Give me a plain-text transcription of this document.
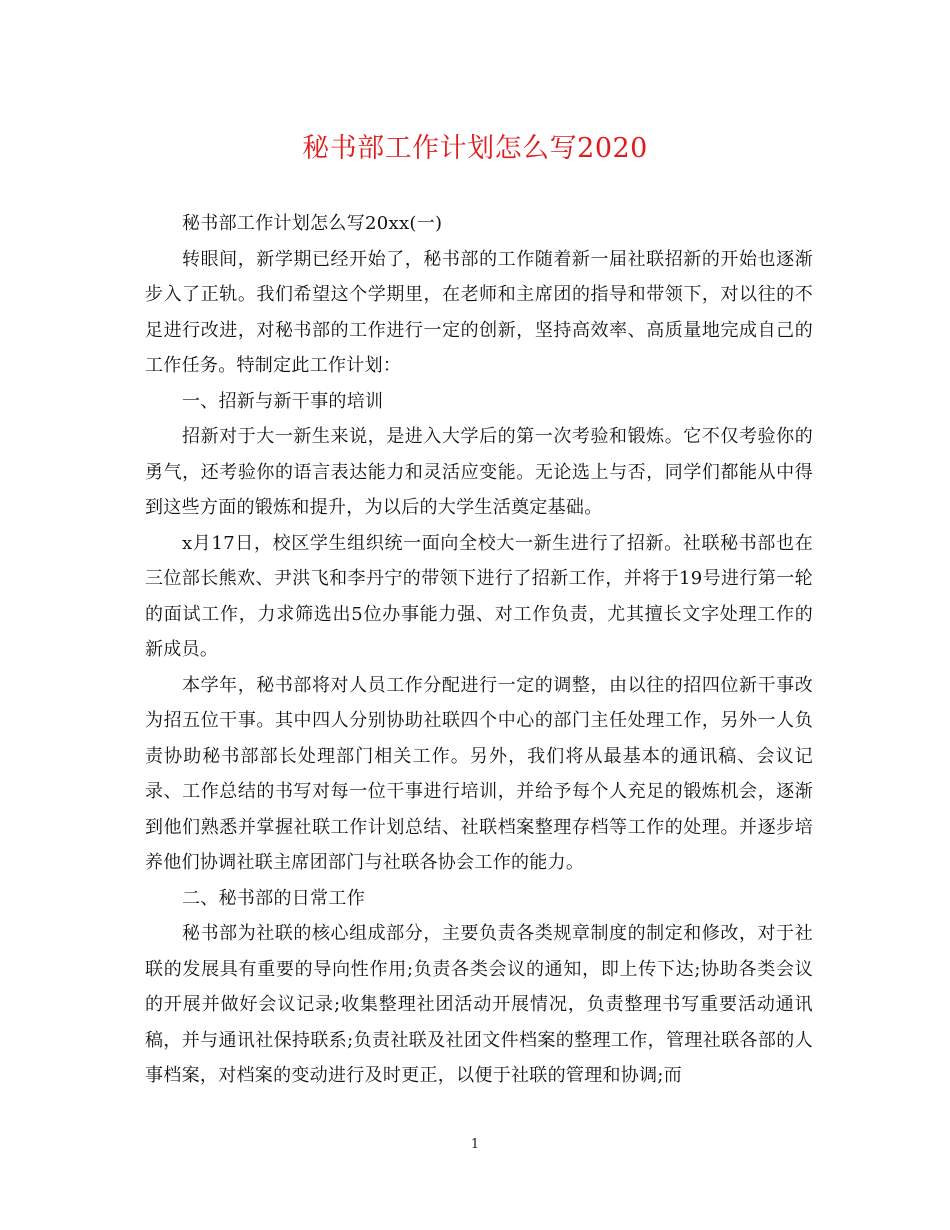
秘书部工作计划怎么写2020

秘书部工作计划怎么写20xx(一)

转眼间，新学期已经开始了，秘书部的工作随着新一届社联招新的开始也逐渐步入了正轨。我们希望这个学期里，在老师和主席团的指导和带领下，对以往的不足进行改进，对秘书部的工作进行一定的创新，坚持高效率、高质量地完成自己的工作任务。特制定此工作计划：

一、招新与新干事的培训

招新对于大一新生来说，是进入大学后的第一次考验和锻炼。它不仅考验你的勇气，还考验你的语言表达能力和灵活应变能。无论选上与否，同学们都能从中得到这些方面的锻炼和提升，为以后的大学生活奠定基础。

x月17日，校区学生组织统一面向全校大一新生进行了招新。社联秘书部也在三位部长熊欢、尹洪飞和李丹宁的带领下进行了招新工作，并将于19号进行第一轮的面试工作，力求筛选出5位办事能力强、对工作负责，尤其擅长文字处理工作的新成员。

本学年，秘书部将对人员工作分配进行一定的调整，由以往的招四位新干事改为招五位干事。其中四人分别协助社联四个中心的部门主任处理工作，另外一人负责协助秘书部部长处理部门相关工作。另外，我们将从最基本的通讯稿、会议记录、工作总结的书写对每一位干事进行培训，并给予每个人充足的锻炼机会，逐渐到他们熟悉并掌握社联工作计划总结、社联档案整理存档等工作的处理。并逐步培养他们协调社联主席团部门与社联各协会工作的能力。

二、秘书部的日常工作

秘书部为社联的核心组成部分，主要负责各类规章制度的制定和修改，对于社联的发展具有重要的导向性作用;负责各类会议的通知，即上传下达;协助各类会议的开展并做好会议记录;收集整理社团活动开展情况，负责整理书写重要活动通讯稿，并与通讯社保持联系;负责社联及社团文件档案的整理工作，管理社联各部的人事档案，对档案的变动进行及时更正，以便于社联的管理和协调;而

1
